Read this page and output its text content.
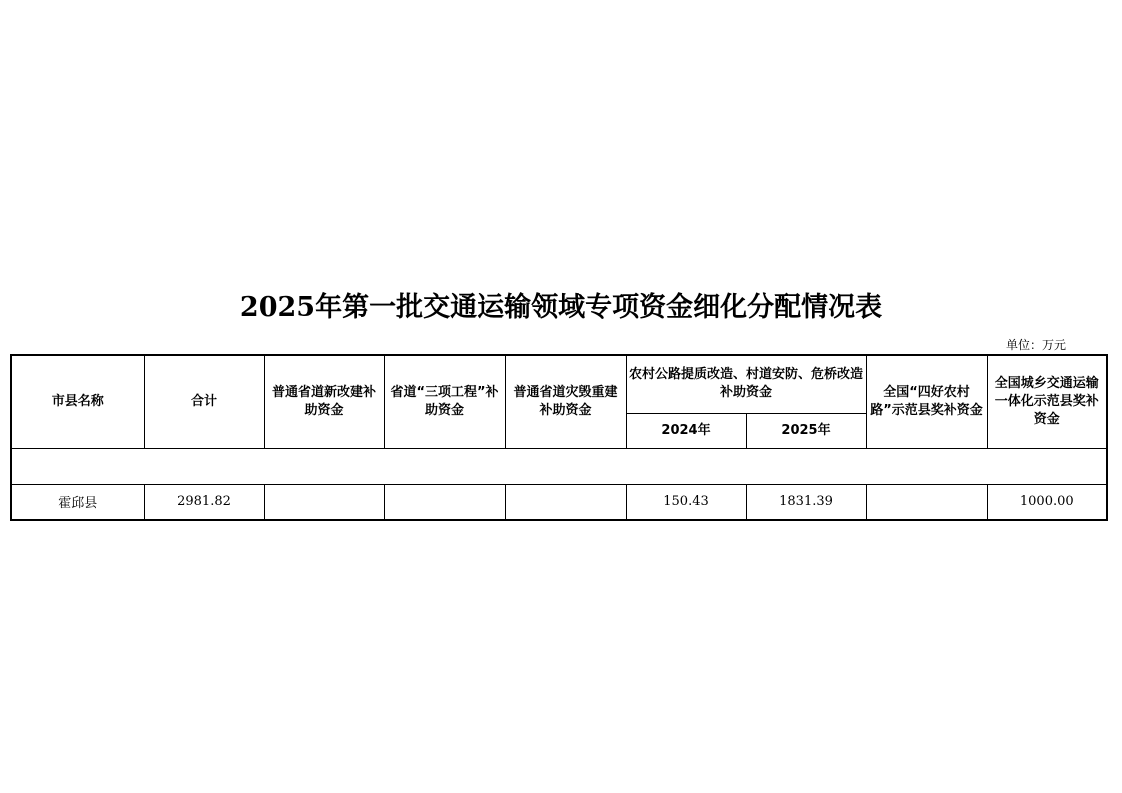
2025年第一批交通运输领域专项资金细化分配情况表
单位：万元
市县名称	合计	普通省道新改建补助资金	省道“三项工程”补助资金	普通省道灾毁重建补助资金	农村公路提质改造、村道安防、危桥改造补助资金		全国“四好农村路”示范县奖补资金	全国城乡交通运输一体化示范县奖补资金
					2024年	2025年		

霍邱县	2981.82				150.43	1831.39		1000.00
